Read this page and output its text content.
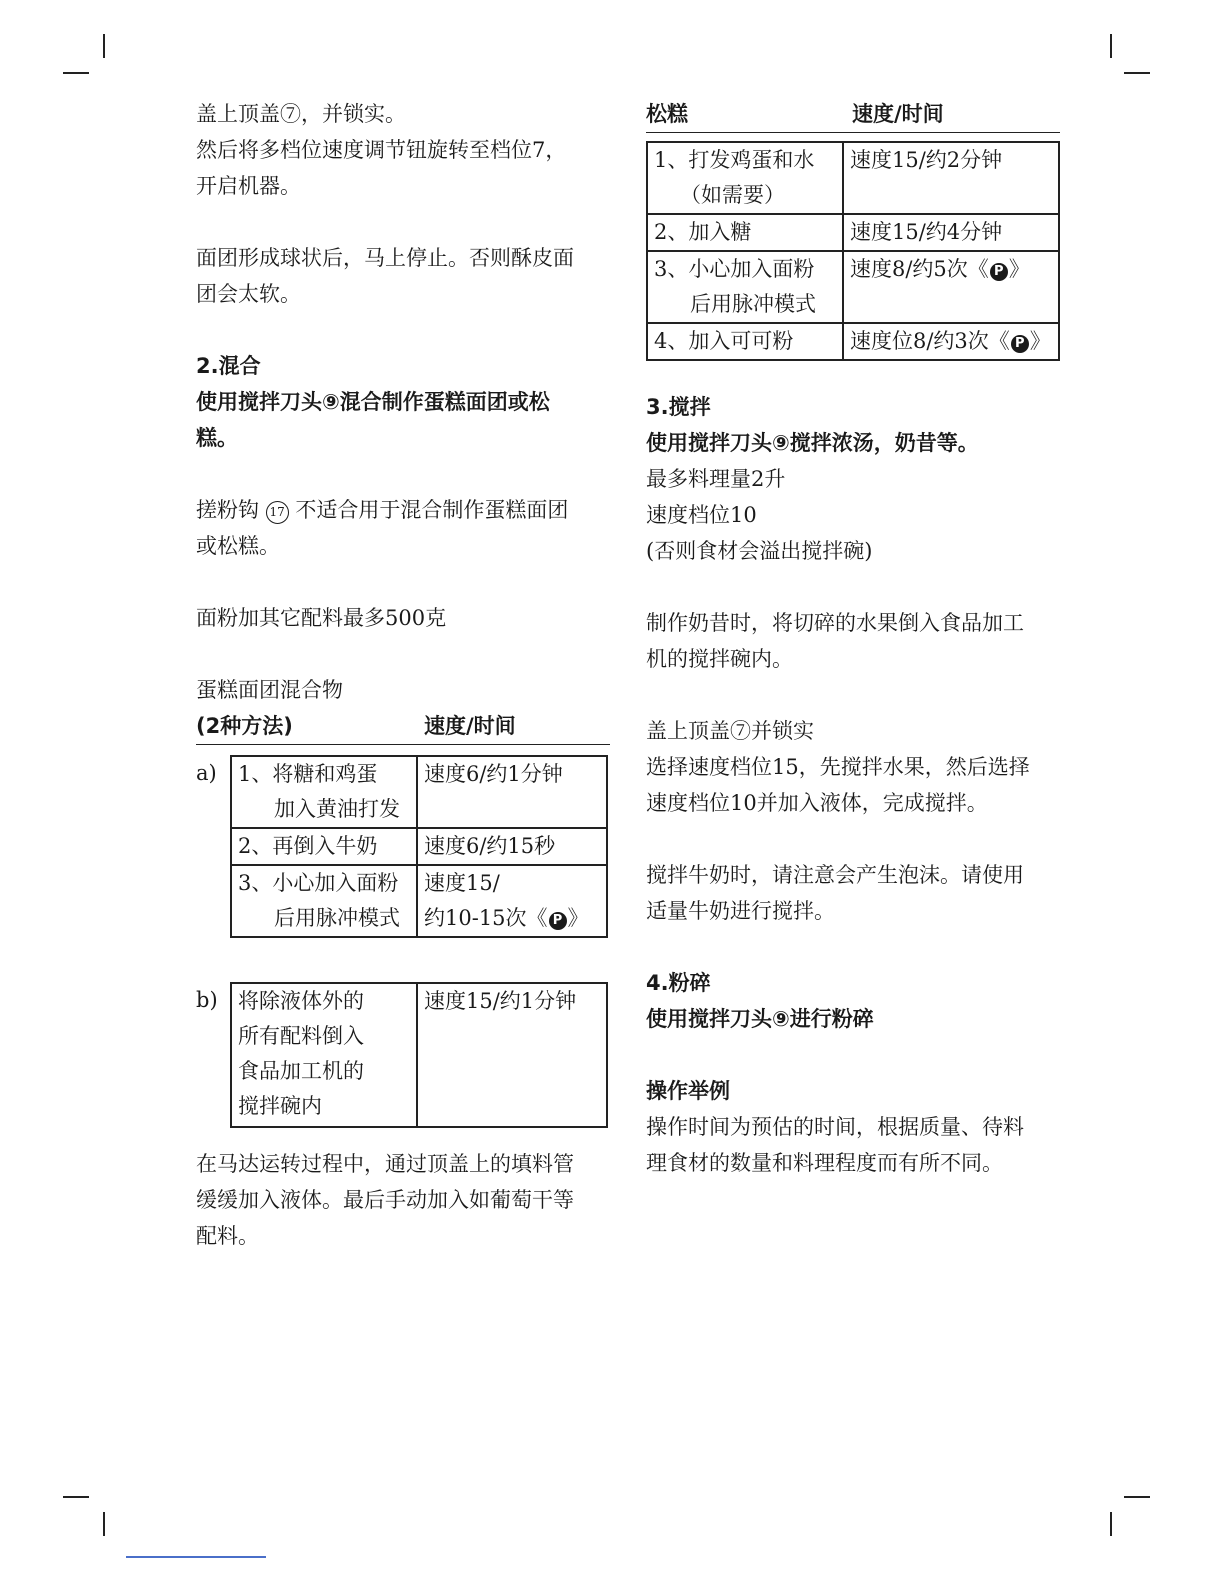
盖上顶盖⑦，并锁实。

然后将多档位速度调节钮旋转至档位7，

开启机器。

面团形成球状后，马上停止。否则酥皮面

团会太软。

2.混合

使用搅拌刀头⑨混合制作蛋糕面团或松

糕。

搓粉钩 17 不适合用于混合制作蛋糕面团

或松糕。

面粉加其它配料最多500克

蛋糕面团混合物

(2种方法)	速度/时间
a)	1、将糖和鸡蛋
加入黄油打发	速度6/约1分钟
2、再倒入牛奶	速度6/约15秒
3、小心加入面粉
后用脉冲模式	速度15/
约10-15次《 P 》
b) 将除液体外的
所有配料倒入
食品加工机的
搅拌碗内	速度15/约1分钟

在马达运转过程中，通过顶盖上的填料管

缓缓加入液体。最后手动加入如葡萄干等

配料。

松糕	速度/时间
1、打发鸡蛋和水
（如需要）	速度15/约2分钟
2、加入糖	速度15/约4分钟
3、小心加入面粉
后用脉冲模式	速度8/约5次《 P 》
4、加入可可粉	速度位8/约3次《 P 》

3.搅拌

使用搅拌刀头⑨搅拌浓汤，奶昔等。

最多料理量2升

速度档位10

(否则食材会溢出搅拌碗)

制作奶昔时，将切碎的水果倒入食品加工

机的搅拌碗内。

盖上顶盖⑦并锁实

选择速度档位15，先搅拌水果，然后选择

速度档位10并加入液体，完成搅拌。

搅拌牛奶时，请注意会产生泡沫。请使用

适量牛奶进行搅拌。

4.粉碎

使用搅拌刀头⑨进行粉碎

操作举例

操作时间为预估的时间，根据质量、待料

理食材的数量和料理程度而有所不同。
